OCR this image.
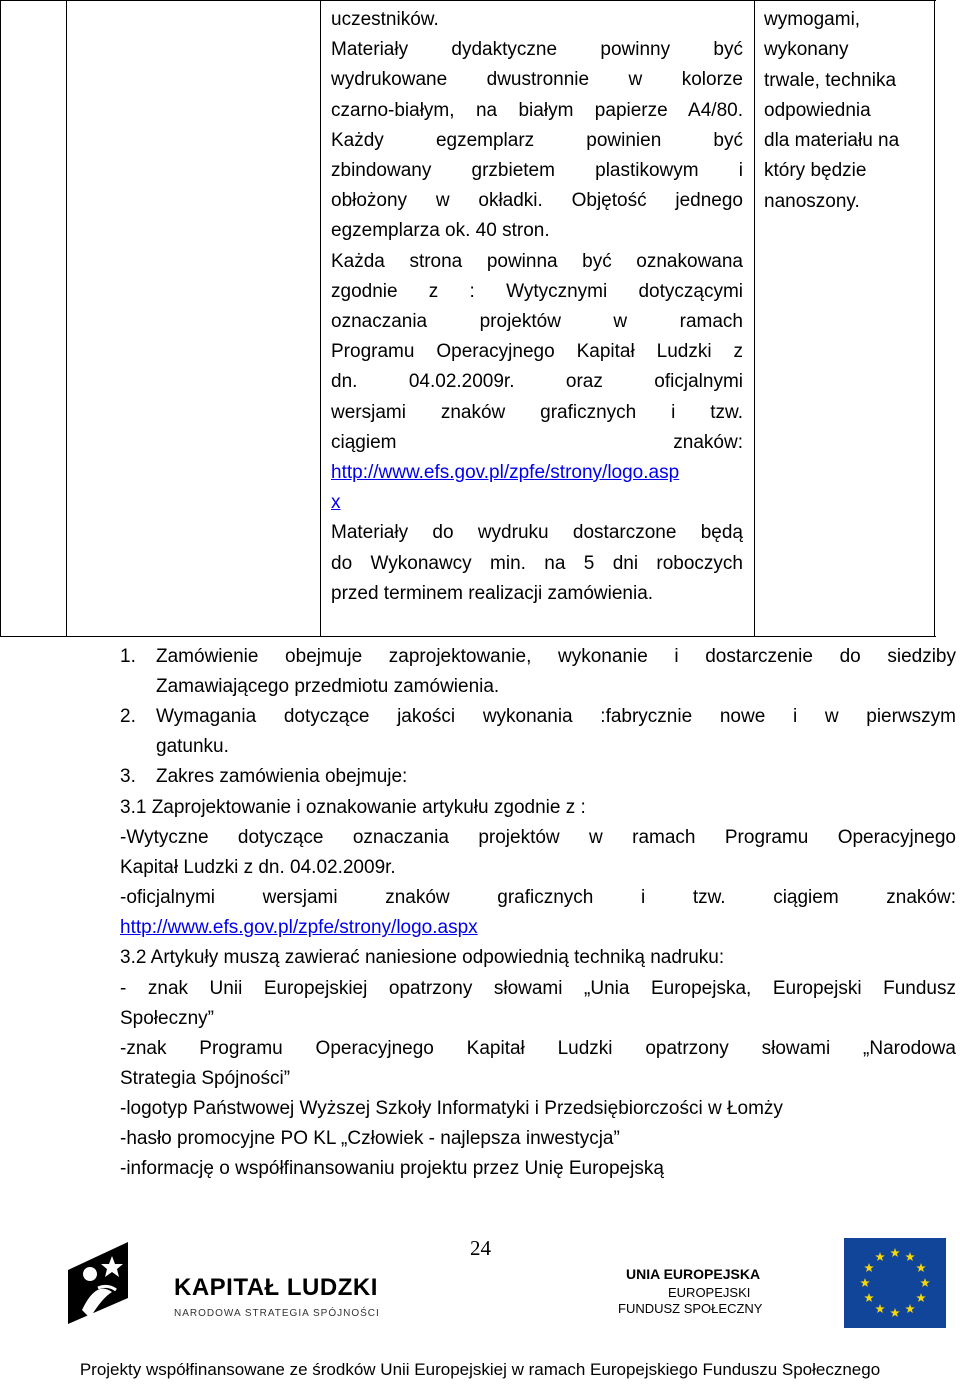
uczestników.
Materiały dydaktyczne powinny być
wydrukowane dwustronnie w kolorze
czarno-białym, na białym papierze A4/80.
Każdy egzemplarz powinien być
zbindowany grzbietem plastikowym i
obłożony w okładki. Objętość jednego
egzemplarza ok. 40 stron.
Każda strona powinna być oznakowana
zgodnie z : Wytycznymi dotyczącymi
oznaczania projektów w ramach
Programu Operacyjnego Kapitał Ludzki z
dn. 04.02.2009r. oraz oficjalnymi
wersjami znaków graficznych i tzw.
ciągiem znaków:
http://www.efs.gov.pl/zpfe/strony/logo.asp
x
Materiały do wydruku dostarczone będą
do Wykonawcy min. na 5 dni roboczych
przed terminem realizacji zamówienia.
wymogami,
wykonany
trwale, technika
odpowiednia
dla materiału na
który będzie
nanoszony.
1. Zamówienie obejmuje zaprojektowanie, wykonanie i dostarczenie do siedziby
Zamawiającego przedmiotu zamówienia.
2. Wymagania dotyczące jakości wykonania :fabrycznie nowe i w pierwszym
gatunku.
3. Zakres zamówienia obejmuje:
3.1 Zaprojektowanie i oznakowanie artykułu zgodnie z :
-Wytyczne dotyczące oznaczania projektów w ramach Programu Operacyjnego
Kapitał Ludzki z dn. 04.02.2009r.
-oficjalnymi wersjami znaków graficznych i tzw. ciągiem znaków:
http://www.efs.gov.pl/zpfe/strony/logo.aspx
3.2 Artykuły muszą zawierać naniesione odpowiednią techniką nadruku:
- znak Unii Europejskiej opatrzony słowami „Unia Europejska, Europejski Fundusz
Społeczny”
-znak Programu Operacyjnego Kapitał Ludzki opatrzony słowami „Narodowa
Strategia Spójności”
-logotyp Państwowej Wyższej Szkoły Informatyki i Przedsiębiorczości w Łomży
-hasło promocyjne PO KL „Człowiek - najlepsza inwestycja”
-informację o współfinansowaniu projektu przez Unię Europejską
24
KAPITAŁ LUDZKI
NARODOWA STRATEGIA SPÓJNOŚCI
UNIA EUROPEJSKA
EUROPEJSKI
FUNDUSZ SPOŁECZNY
Projekty współfinansowane ze środków Unii Europejskiej w ramach Europejskiego Funduszu Społecznego
